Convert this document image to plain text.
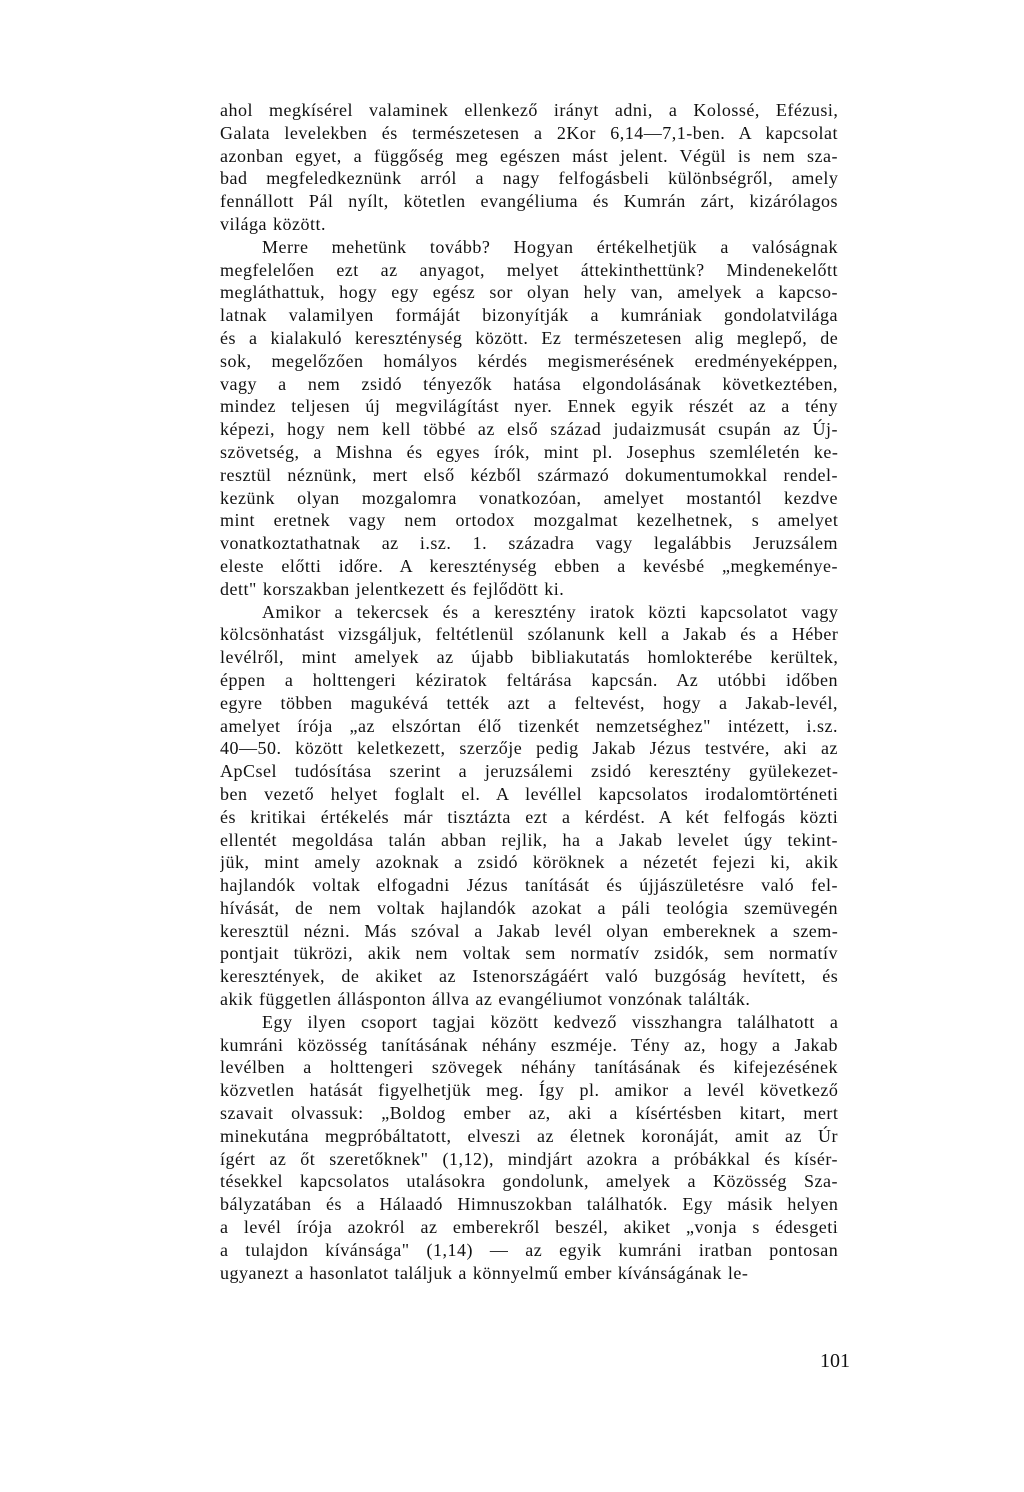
ahol megkísérel valaminek ellenkező irányt adni, a Kolossé, Efézusi,
Galata levelekben és természetesen a 2Kor 6,14—7,1-ben. A kapcsolat
azonban egyet, a függőség meg egészen mást jelent. Végül is nem sza-
bad megfeledkeznünk arról a nagy felfogásbeli különbségről, amely
fennállott Pál nyílt, kötetlen evangéliuma és Kumrán zárt, kizárólagos
világa között.
Merre mehetünk tovább? Hogyan értékelhetjük a valóságnak
megfelelően ezt az anyagot, melyet áttekinthettünk? Mindenekelőtt
megláthattuk, hogy egy egész sor olyan hely van, amelyek a kapcso-
latnak valamilyen formáját bizonyítják a kumrániak gondolatvilága
és a kialakuló kereszténység között. Ez természetesen alig meglepő, de
sok, megelőzően homályos kérdés megismerésének eredményeképpen,
vagy a nem zsidó tényezők hatása elgondolásának következtében,
mindez teljesen új megvilágítást nyer. Ennek egyik részét az a tény
képezi, hogy nem kell többé az első század judaizmusát csupán az Új-
szövetség, a Mishna és egyes írók, mint pl. Josephus szemléletén ke-
resztül néznünk, mert első kézből származó dokumentumokkal rendel-
kezünk olyan mozgalomra vonatkozóan, amelyet mostantól kezdve
mint eretnek vagy nem ortodox mozgalmat kezelhetnek, s amelyet
vonatkoztathatnak az i.sz. 1. századra vagy legalábbis Jeruzsálem
eleste előtti időre. A kereszténység ebben a kevésbé „megkeményе-
dett" korszakban jelentkezett és fejlődött ki.
Amikor a tekercsek és a keresztény iratok közti kapcsolatot vagy
kölcsönhatást vizsgáljuk, feltétlenül szólanunk kell a Jakab és a Héber
levélről, mint amelyek az újabb bibliakutatás homlokterébe kerültek,
éppen a holttengeri kéziratok feltárása kapcsán. Az utóbbi időben
egyre többen magukévá tették azt a feltevést, hogy a Jakab-levél,
amelyet írója „az elszórtan élő tizenkét nemzetséghez" intézett, i.sz.
40—50. között keletkezett, szerzője pedig Jakab Jézus testvére, aki az
ApCsel tudósítása szerint a jeruzsálemi zsidó keresztény gyülekezet-
ben vezető helyet foglalt el. A levéllel kapcsolatos irodalomtörténeti
és kritikai értékelés már tisztázta ezt a kérdést. A két felfogás közti
ellentét megoldása talán abban rejlik, ha a Jakab levelet úgy tekint-
jük, mint amely azoknak a zsidó köröknek a nézetét fejezi ki, akik
hajlandók voltak elfogadni Jézus tanítását és újjászületésre való fel-
hívását, de nem voltak hajlandók azokat a páli teológia szemüvegén
keresztül nézni. Más szóval a Jakab levél olyan embereknek a szem-
pontjait tükrözi, akik nem voltak sem normatív zsidók, sem normatív
keresztények, de akiket az Istenországáért való buzgóság hevített, és
akik független állásponton állva az evangéliumot vonzónak találták.
Egy ilyen csoport tagjai között kedvező visszhangra találhatott a
kumráni közösség tanításának néhány eszméje. Tény az, hogy a Jakab
levélben a holttengeri szövegek néhány tanításának és kifejezésének
közvetlen hatását figyelhetjük meg. Így pl. amikor a levél következő
szavait olvassuk: „Boldog ember az, aki a kísértésben kitart, mert
minekutána megpróbáltatott, elveszi az életnek koronáját, amit az Úr
ígért az őt szeretőknek" (1,12), mindjárt azokra a próbákkal és kísér-
tésekkel kapcsolatos utalásokra gondolunk, amelyek a Közösség Sza-
bályzatában és a Hálaadó Himnuszokban találhatók. Egy másik helyen
a levél írója azokról az emberekről beszél, akiket „vonja s édesgeti
a tulajdon kívánsága" (1,14) — az egyik kumráni iratban pontosan
ugyanezt a hasonlatot találjuk a könnyelmű ember kívánságának le-
101
